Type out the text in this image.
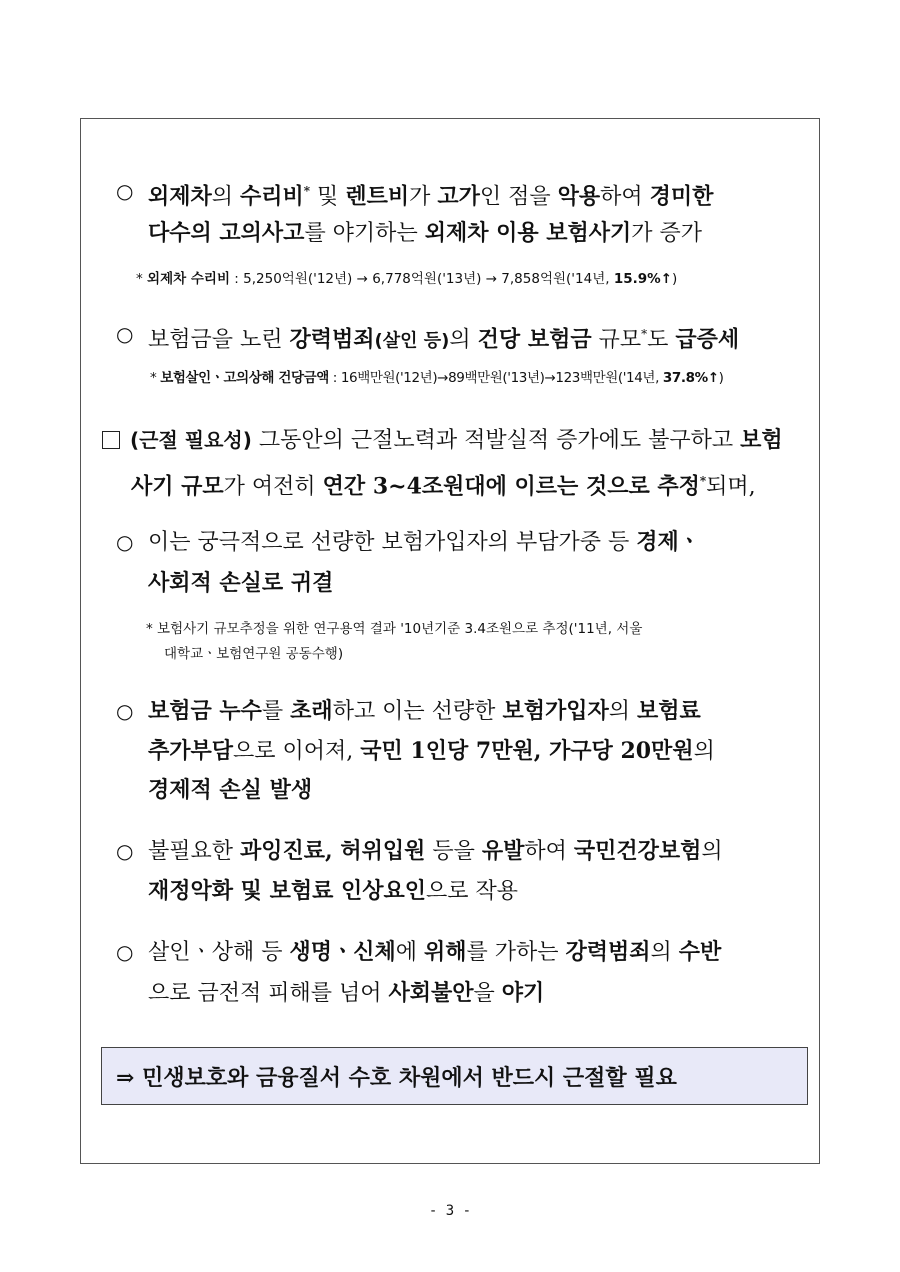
○ 외제차의 수리비* 및 렌트비가 고가인 점을 악용하여 경미한
다수의 고의사고를 야기하는 외제차 이용 보험사기가 증가
* 외제차 수리비 : 5,250억원('12년) → 6,778억원('13년) → 7,858억원('14년, 15.9%↑)
○ 보험금을 노린 강력범죄(살인 등)의 건당 보험금 규모*도 급증세
* 보험살인ㆍ고의상해 건당금액 : 16백만원('12년)→89백만원('13년)→123백만원('14년, 37.8%↑)
(근절 필요성) 그동안의 근절노력과 적발실적 증가에도 불구하고 보험
사기 규모가 여전히 연간 3~4조원대에 이르는 것으로 추정*되며,
○ 이는 궁극적으로 선량한 보험가입자의 부담가중 등 경제ㆍ
사회적 손실로 귀결
* 보험사기 규모추정을 위한 연구용역 결과 '10년기준 3.4조원으로 추정('11년, 서울
대학교ㆍ보험연구원 공동수행)
○ 보험금 누수를 초래하고 이는 선량한 보험가입자의 보험료
추가부담으로 이어져, 국민 1인당 7만원, 가구당 20만원의
경제적 손실 발생
○ 불필요한 과잉진료, 허위입원 등을 유발하여 국민건강보험의
재정악화 및 보험료 인상요인으로 작용
○ 살인ㆍ상해 등 생명ㆍ신체에 위해를 가하는 강력범죄의 수반
으로 금전적 피해를 넘어 사회불안을 야기
⇒ 민생보호와 금융질서 수호 차원에서 반드시 근절할 필요
- 3 -
